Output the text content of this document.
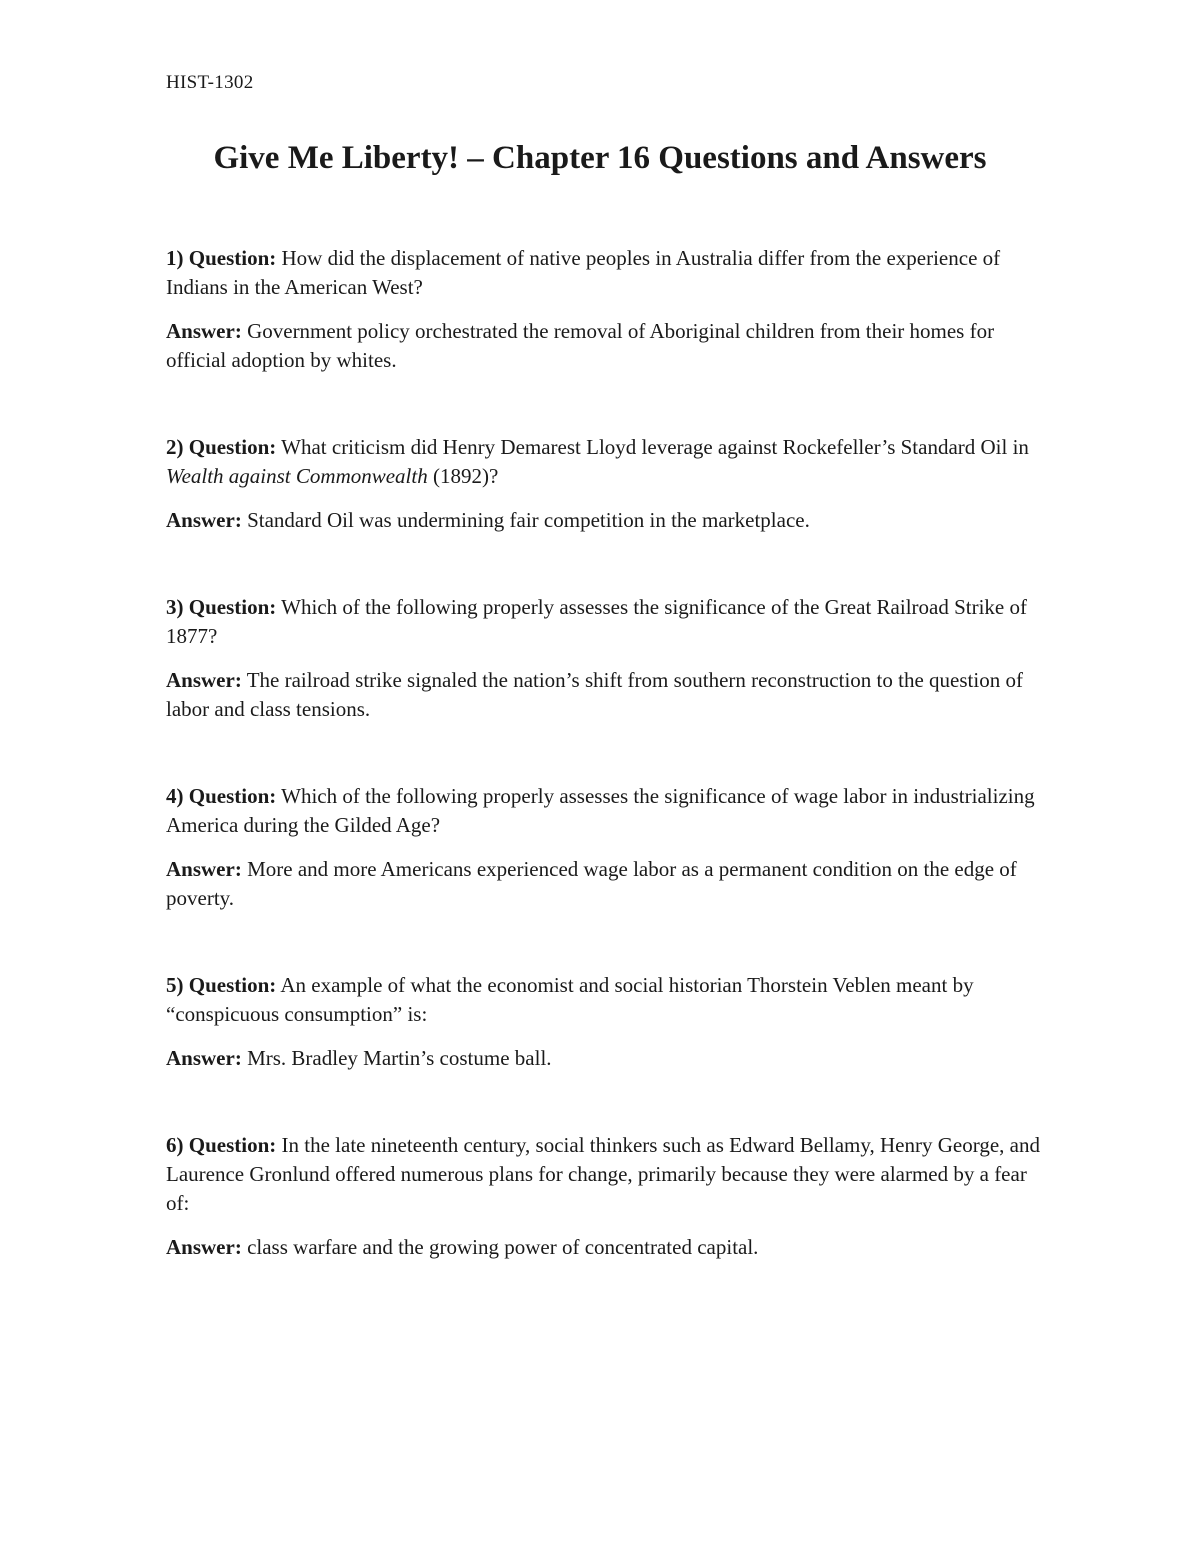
HIST-1302
Give Me Liberty! – Chapter 16 Questions and Answers

1) Question: How did the displacement of native peoples in Australia differ from the experience of Indians in the American West?

Answer: Government policy orchestrated the removal of Aboriginal children from their homes for official adoption by whites.

2) Question: What criticism did Henry Demarest Lloyd leverage against Rockefeller’s Standard Oil in Wealth against Commonwealth (1892)?

Answer: Standard Oil was undermining fair competition in the marketplace.

3) Question: Which of the following properly assesses the significance of the Great Railroad Strike of 1877?

Answer: The railroad strike signaled the nation’s shift from southern reconstruction to the question of labor and class tensions.

4) Question: Which of the following properly assesses the significance of wage labor in industrializing America during the Gilded Age?

Answer: More and more Americans experienced wage labor as a permanent condition on the edge of poverty.

5) Question: An example of what the economist and social historian Thorstein Veblen meant by “conspicuous consumption” is:

Answer: Mrs. Bradley Martin’s costume ball.

6) Question: In the late nineteenth century, social thinkers such as Edward Bellamy, Henry George, and Laurence Gronlund offered numerous plans for change, primarily because they were alarmed by a fear of:

Answer: class warfare and the growing power of concentrated capital.
